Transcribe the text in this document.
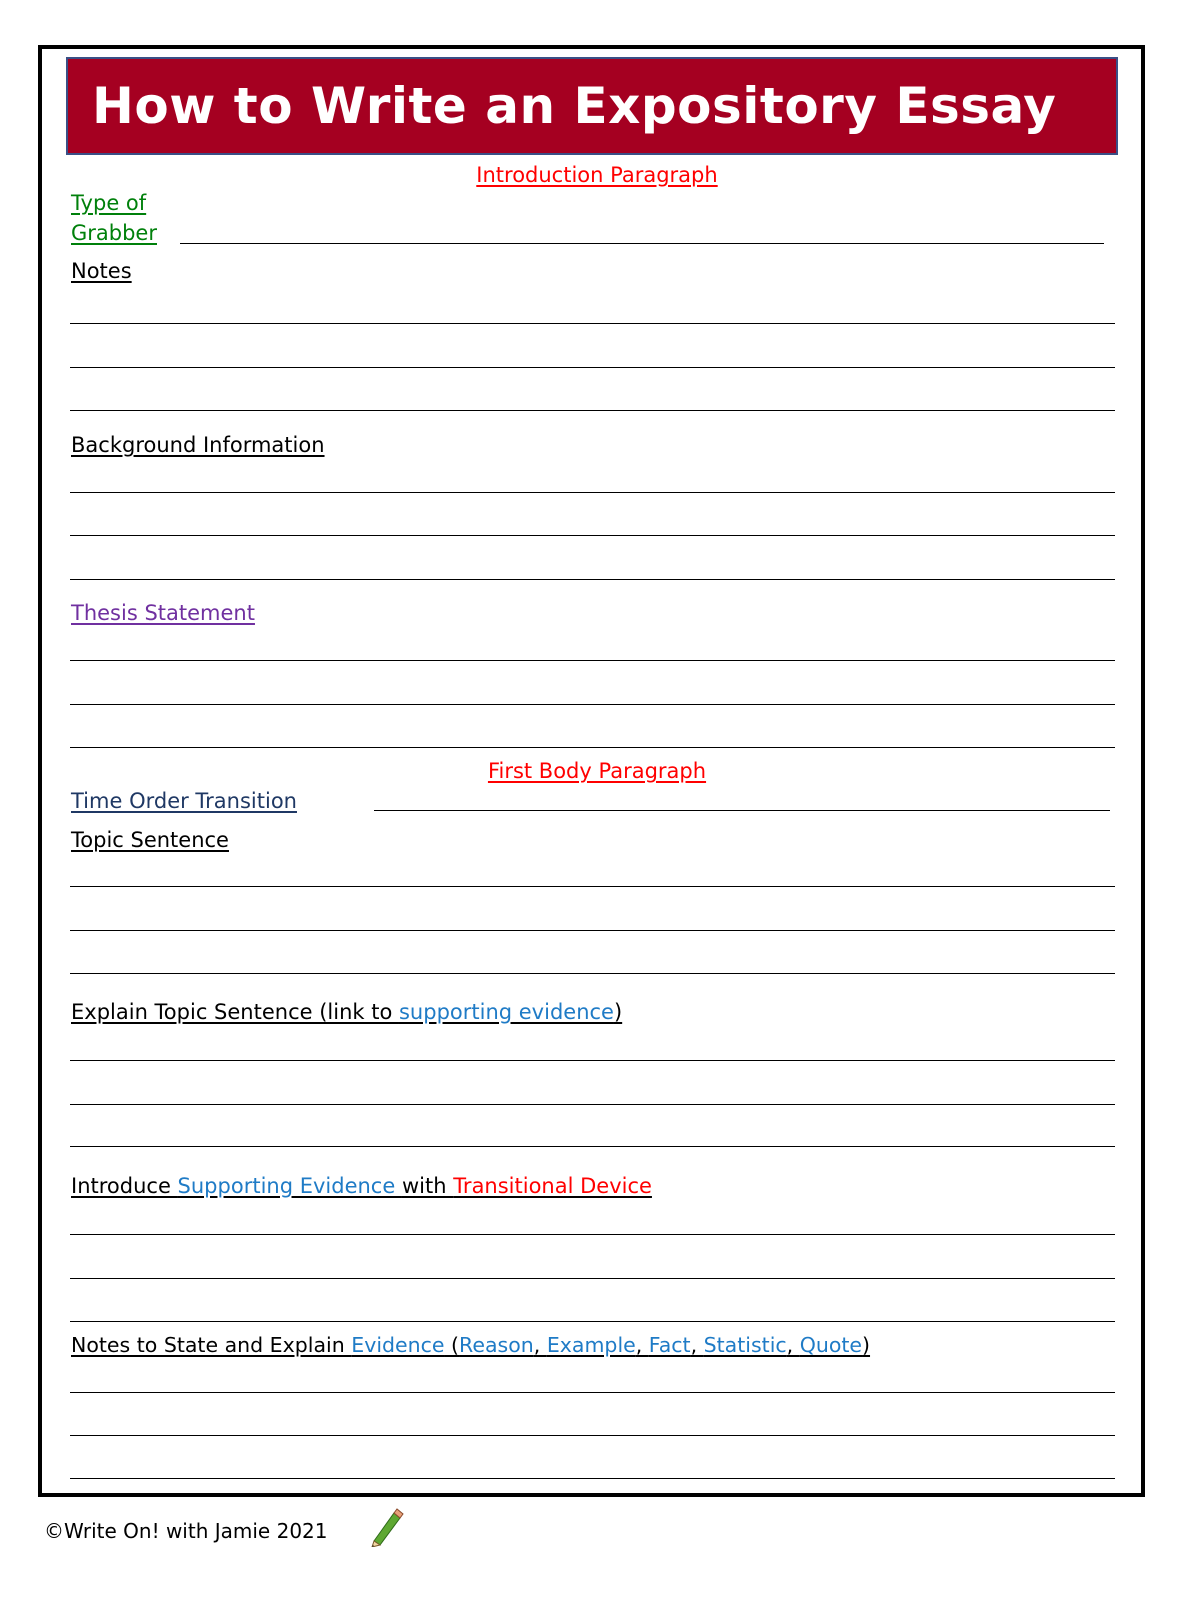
How to Write an Expository Essay
Introduction Paragraph
Type of
Grabber
Notes
Background Information
Thesis Statement
First Body Paragraph
Time Order Transition
Topic Sentence
Explain Topic Sentence (link to supporting evidence)
Introduce Supporting Evidence with Transitional Device
Notes to State and Explain Evidence (Reason, Example, Fact, Statistic, Quote)
©Write On! with Jamie 2021
